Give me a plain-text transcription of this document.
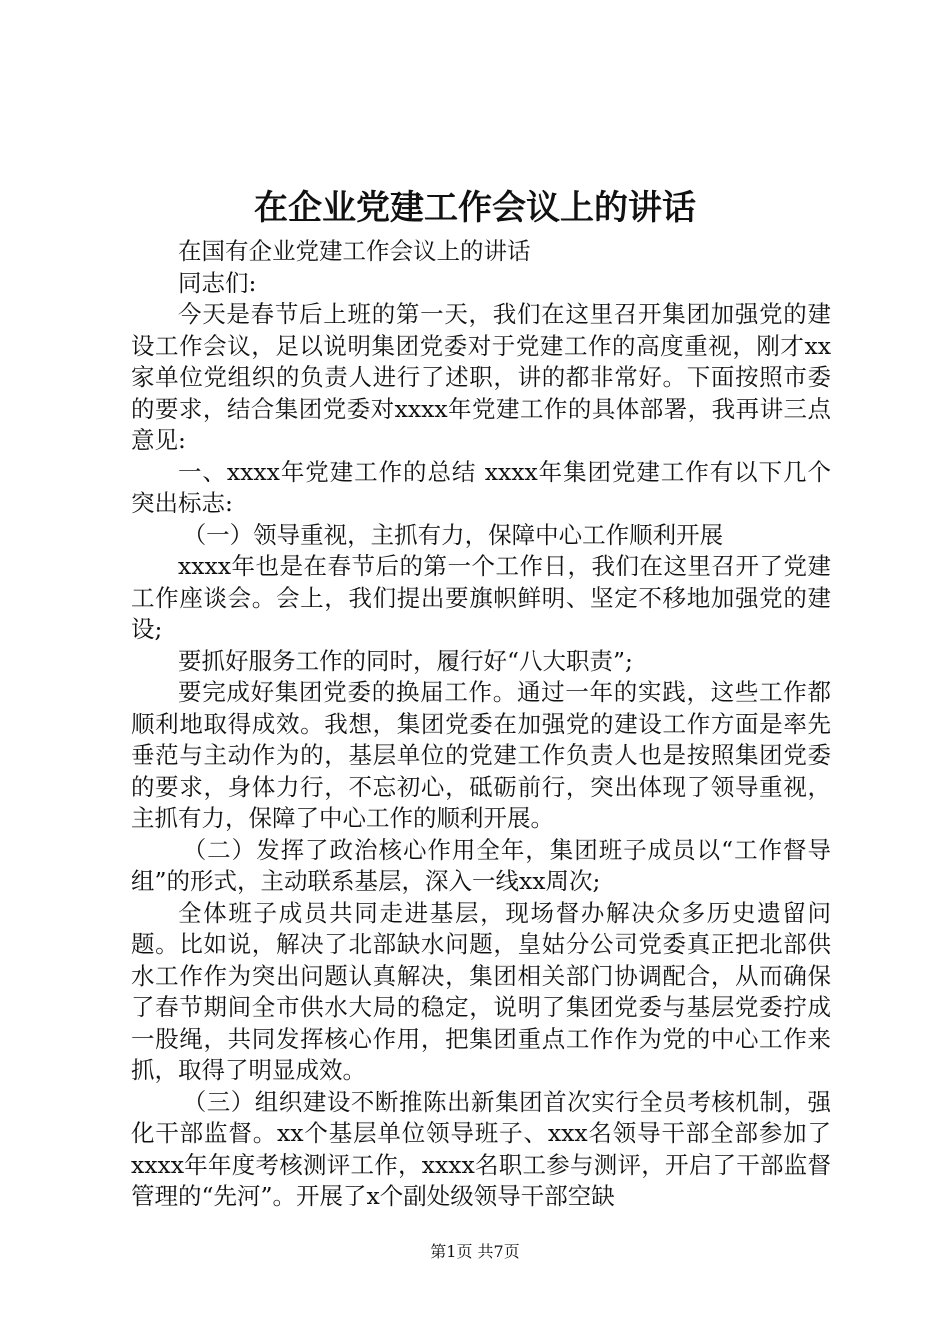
在企业党建工作会议上的讲话

在国有企业党建工作会议上的讲话

同志们:

今天是春节后上班的第一天，我们在这里召开集团加强党的建设工作会议，足以说明集团党委对于党建工作的高度重视，刚才xx家单位党组织的负责人进行了述职，讲的都非常好。下面按照市委的要求，结合集团党委对xxxx年党建工作的具体部署，我再讲三点意见:

一、xxxx年党建工作的总结 xxxx年集团党建工作有以下几个突出标志:

（一）领导重视，主抓有力，保障中心工作顺利开展

xxxx年也是在春节后的第一个工作日，我们在这里召开了党建工作座谈会。会上，我们提出要旗帜鲜明、坚定不移地加强党的建设;

要抓好服务工作的同时，履行好“八大职责”;

要完成好集团党委的换届工作。通过一年的实践，这些工作都顺利地取得成效。我想，集团党委在加强党的建设工作方面是率先垂范与主动作为的，基层单位的党建工作负责人也是按照集团党委的要求，身体力行，不忘初心，砥砺前行，突出体现了领导重视，主抓有力，保障了中心工作的顺利开展。

（二）发挥了政治核心作用全年，集团班子成员以“工作督导组”的形式，主动联系基层，深入一线xx周次;

全体班子成员共同走进基层，现场督办解决众多历史遗留问题。比如说，解决了北部缺水问题，皇姑分公司党委真正把北部供水工作作为突出问题认真解决，集团相关部门协调配合，从而确保了春节期间全市供水大局的稳定，说明了集团党委与基层党委拧成一股绳，共同发挥核心作用，把集团重点工作作为党的中心工作来抓，取得了明显成效。

（三）组织建设不断推陈出新集团首次实行全员考核机制，强化干部监督。xx个基层单位领导班子、xxx名领导干部全部参加了xxxx年年度考核测评工作，xxxx名职工参与测评，开启了干部监督管理的“先河”。开展了x个副处级领导干部空缺

第1页 共7页
